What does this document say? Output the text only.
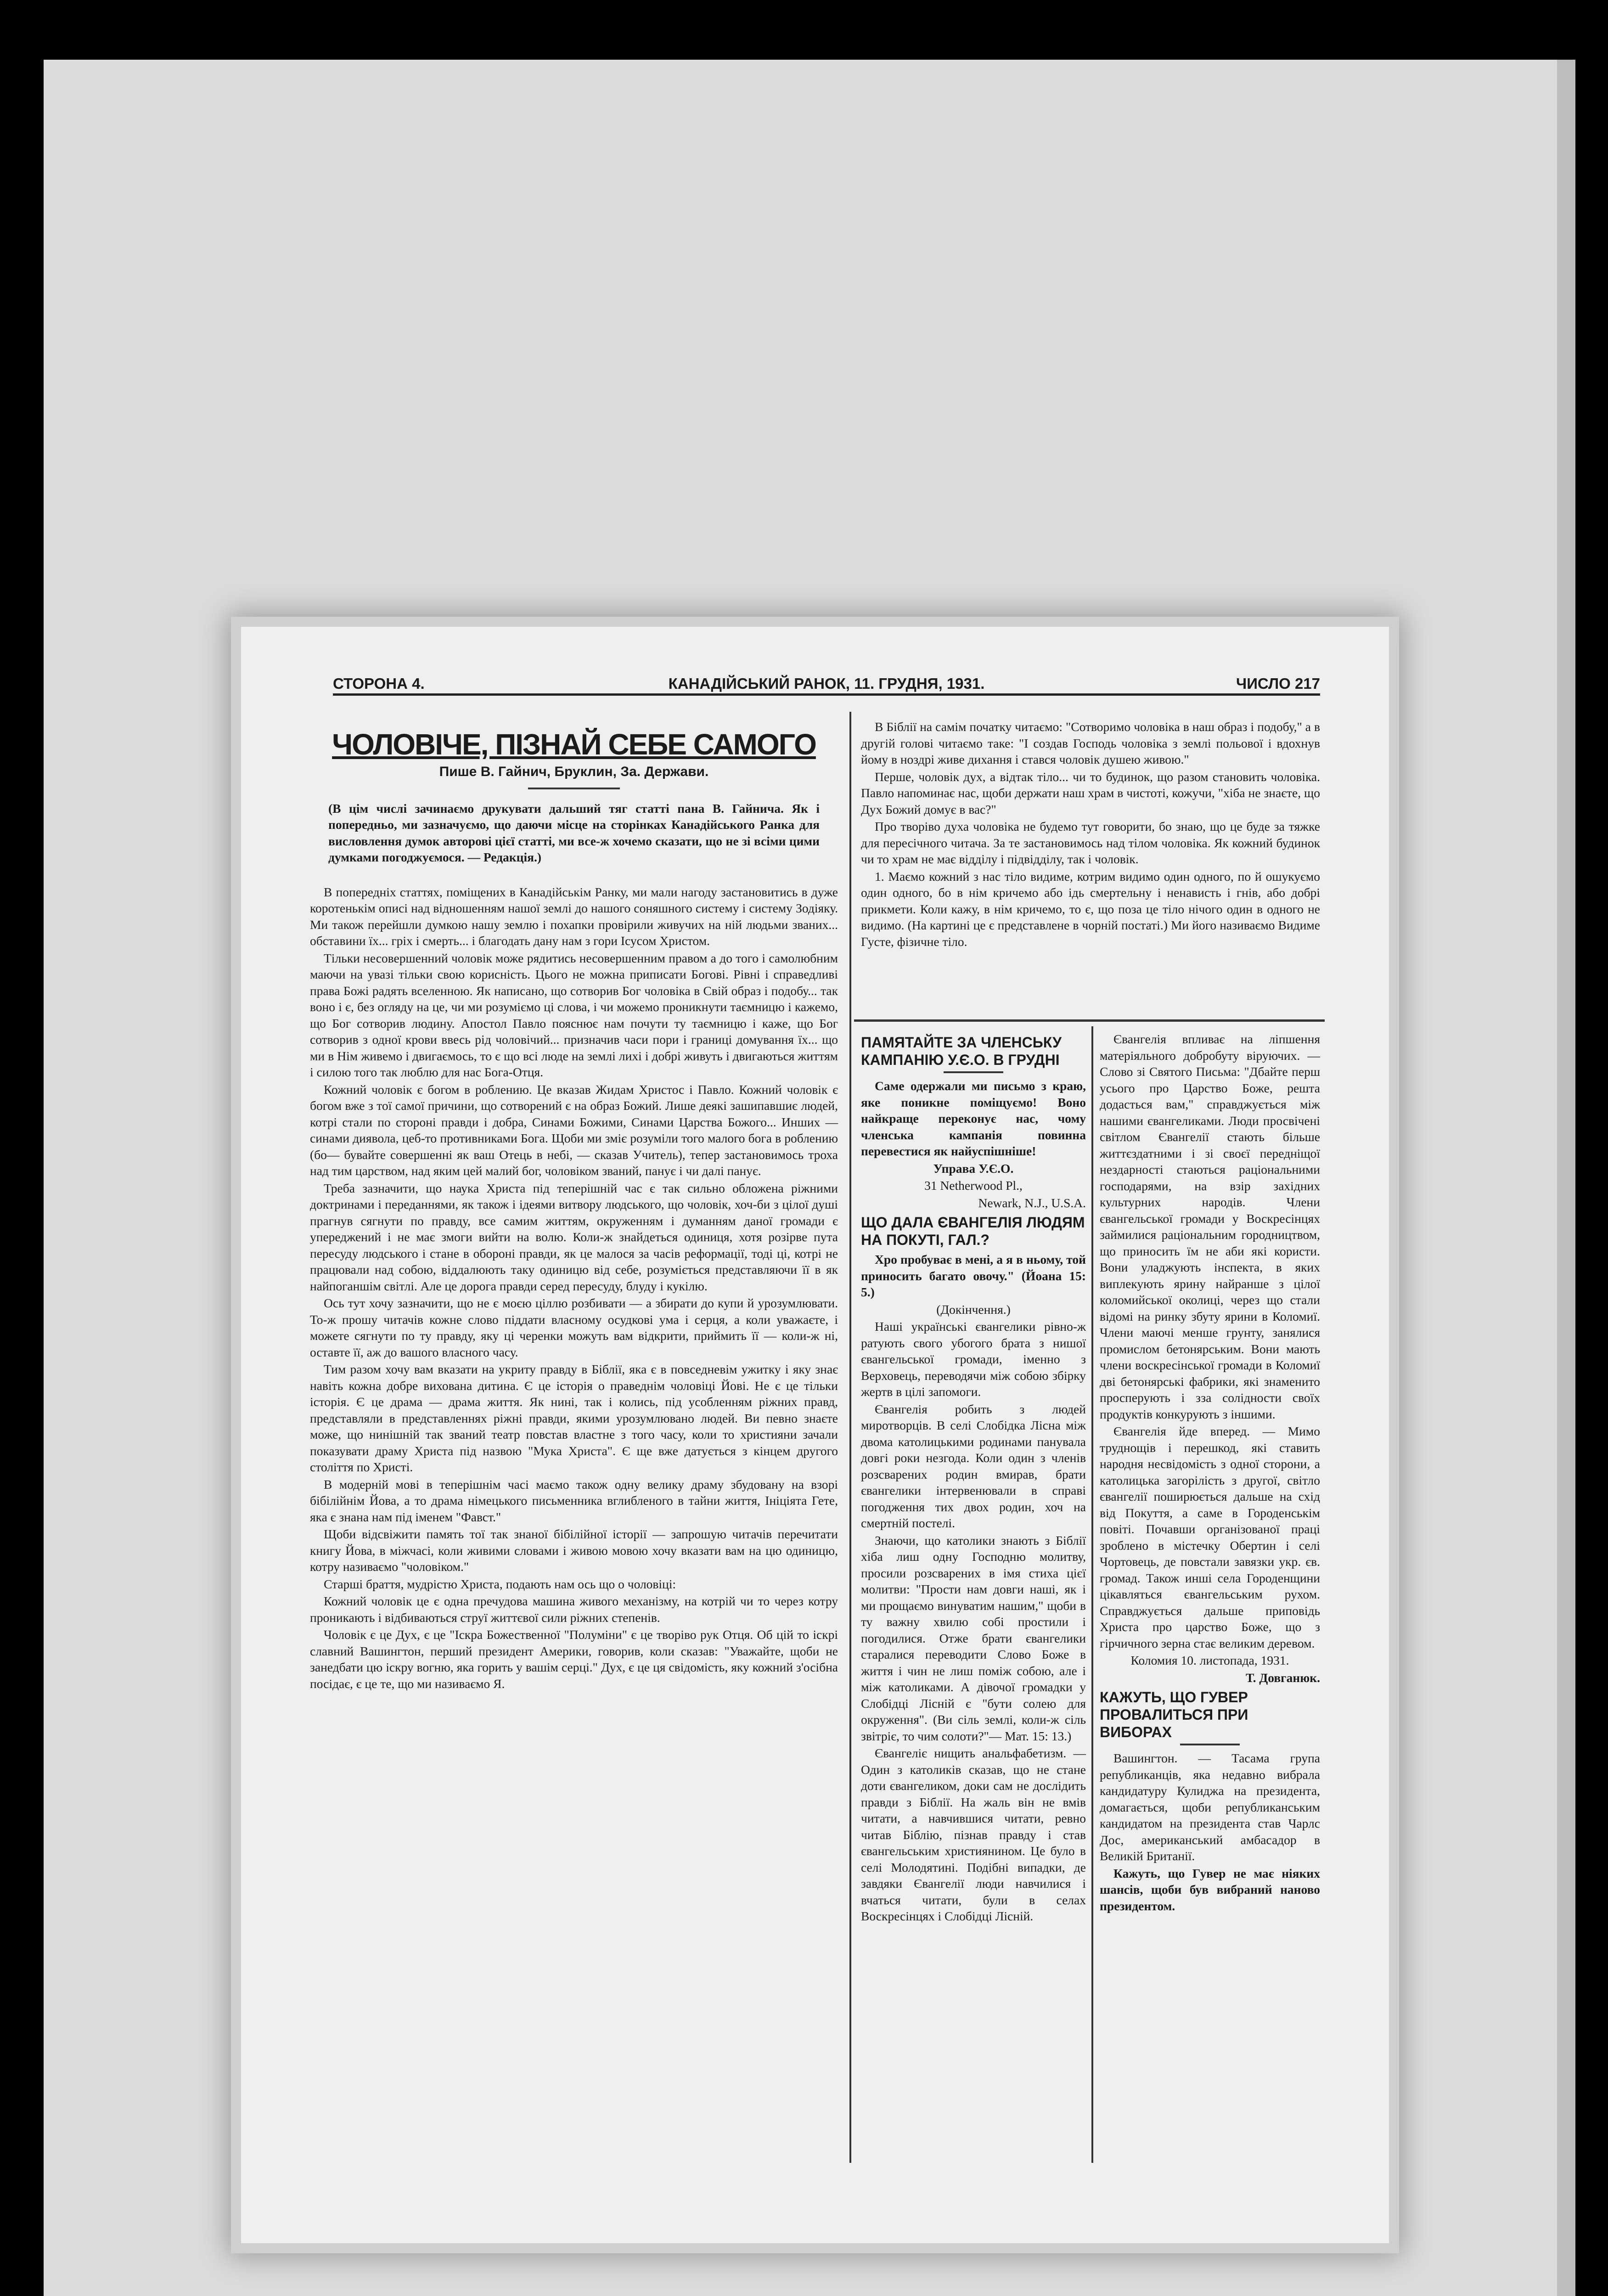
СТОРОНА 4.	КАНАДІЙСЬКИЙ РАНОК, 11. ГРУДНЯ, 1931.	ЧИСЛО 217
ЧОЛОВІЧЕ, ПІЗНАЙ СЕБЕ САМОГО
Пише В. Гайнич, Бруклин, За. Держави.
(В цім числі зачинаємо друкувати дальший тяг статті пана В. Гайнича. Як і попередньо, ми зазначуємо, що даючи місце на сторінках Канадійського Ранка для висловлення думок авторові цієї статті, ми все-ж хочемо сказати, що не зі всіми цими думками погоджуємося. — Редакція.)

В попередніх статтях, поміщених в Канадійськім Ранку, ми мали нагоду застановитись в дуже коротенькім описі над відношенням нашої землі до нашого соняшного систему і систему Зодіяку. Ми також перейшли думкою нашу землю і похапки провірили живучих на ній людьми званих... обставини їх... гріх і смерть... і благодать дану нам з гори Ісусом Христом.

Тільки несовершенний чоловік може рядитись несовершенним правом а до того і самолюбним маючи на увазі тільки свою корисність. Цього не можна приписати Богові. Рівні і справедливі права Божі радять вселенною. Як написано, що сотворив Бог чоловіка в Свій образ і подобу... так воно і є, без огляду на це, чи ми розуміємо ці слова, і чи можемо проникнути таємницю і кажемо, що Бог сотворив людину. Апостол Павло пояснює нам почути ту таємницю і каже, що Бог сотворив з одної крови ввесь рід чоловічий... призначив часи пори і границі домування їх... що ми в Нім живемо і двигаємось, то є що всі люде на землі лихі і добрі живуть і двигаються життям і силою того так люблю для нас Бога-Отця.

Кожний чоловік є богом в роблению. Це вказав Жидам Христос і Павло. Кожний чоловік є богом вже з тої самої причини, що сотворений є на образ Божий. Лише деякі зашипавшиє людей, котрі стали по стороні правди і добра, Синами Божими, Синами Царства Божого... Инших — синами диявола, цеб-то противниками Бога. Щоби ми зміє розуміли того малого бога в роблению (бо— бувайте совершенні як ваш Отець в небі, — сказав Учитель), тепер застановимось троха над тим царством, над яким цей малий бог, чоловіком званий, панує і чи далі панує.

Треба зазначити, що наука Христа під теперішній час є так сильно обложена ріжними доктринами і переданнями, як також і ідеями витвору людського, що чоловік, хоч-би з цілої душі прагнув сягнути по правду, все самим життям, окруженням і думанням даної громади є упереджений і не має змоги вийти на волю. Коли-ж знайдеться одиниця, хотя розірве пута пересуду людського і стане в обороні правди, як це малося за часів реформації, тоді ці, котрі не працювали над собою, віддалюють таку одиницю від себе, розуміється представляючи її в як найпоганшім світлі. Але це дорога правди серед пересуду, блуду і кукілю.

Ось тут хочу зазначити, що не є моєю ціллю розбивати — а збирати до купи й урозумлювати. То-ж прошу читачів кожне слово піддати власному осудкові ума і серця, а коли уважаєте, і можете сягнути по ту правду, яку ці черенки можуть вам відкрити, приймить її — коли-ж ні, оставте її, аж до вашого власного часу.

Тим разом хочу вам вказати на укриту правду в Біблії, яка є в повседневім ужитку і яку знає навіть кожна добре вихована дитина. Є це історія о праведнім чоловіці Йові. Не є це тільки історія. Є це драма — драма життя. Як нині, так і колись, під усобленням ріжних правд, представляли в представленнях ріжні правди, якими урозумлювано людей. Ви певно знаєте може, що нинішній так званий театр повстав властне з того часу, коли то християни зачали показувати драму Христа під назвою "Мука Христа". Є ще вже датується з кінцем другого століття по Христі.

В модерній мові в теперішнім часі маємо також одну велику драму збудовану на взорі бібілійнім Йова, а то драма німецького письменника вглибленого в тайни життя, Ініціята Гете, яка є знана нам під іменем "Фавст."

Щоби відсвіжити память тої так знаної бібілійної історії — запрошую читачів перечитати книгу Йова, в міжчасі, коли живими словами і живою мовою хочу вказати вам на цю одиницю, котру називаємо "чоловіком."

Старші браття, мудрістю Христа, подають нам ось що о чоловіці:

Кожний чоловік це є одна пречудова машина живого механізму, на котрій чи то через котру проникають і відбиваються струї життєвої сили ріжних степенів.

Чоловік є це Дух, є це "Іскра Божественної "Полуміни" є це творіво рук Отця. Об цій то іскрі славний Вашингтон, перший президент Америки, говорив, коли сказав: "Уважайте, щоби не занедбати цю іскру вогню, яка горить у вашім серці." Дух, є це ця свідомість, яку кожний з'осібна посідає, є це те, що ми називаємо Я.

В Біблії на самім початку читаємо: "Сотворимо чоловіка в наш образ і подобу," а в другій голові читаємо таке: "І создав Господь чоловіка з землі польової і вдохнув йому в ноздрі живе дихання і стався чоловік душею живою."

Перше, чоловік дух, а відтак тіло... чи то будинок, що разом становить чоловіка. Павло напоминає нас, щоби держати наш храм в чистоті, кожучи, "хіба не знаєте, що Дух Божий домує в вас?"

Про творіво духа чоловіка не будемо тут говорити, бо знаю, що це буде за тяжке для пересічного читача. За те застановимось над тілом чоловіка. Як кожний будинок чи то храм не має відділу і підвідділу, так і чоловік.

1. Маємо кожний з нас тіло видиме, котрим видимо один одного, по й ошукуємо один одного, бо в нім кричемо або ідь смертельну і ненависть і гнів, або добрі прикмети. Коли кажу, в нім кричемо, то є, що поза це тіло нічого один в одного не видимо. (На картині це є представлене в чорній постаті.) Ми його називаємо Видиме Густе, фізичне тіло.

ПАМЯТАЙТЕ ЗА ЧЛЕНСЬКУ КАМПАНІЮ У.Є.О. В ГРУДНІ

Саме одержали ми письмо з краю, яке поникне поміщуємо! Воно найкраще переконує нас, чому членська кампанія повинна перевестися як найуспішніше!

Управа У.Є.О.

31 Netherwood Pl.,

Newark, N.J., U.S.A.

ЩО ДАЛА ЄВАНГЕЛІЯ ЛЮДЯМ НА ПОКУТІ, ГАЛ.?

Хро пробуває в мені, а я в ньому, той приносить багато овочу." (Йоана 15: 5.)

(Докінчення.)

Наші українські євангелики рівно-ж ратують свого убогого брата з нишої євангельської громади, іменно з Верховець, переводячи між собою збірку жертв в цілі запомоги.

Євангелія робить з людей миротворців. В селі Слобідка Лісна між двома католицькими родинами панувала довгі роки незгода. Коли один з членів розсварених родин вмирав, брати євангелики інтервенювали в справі погодження тих двох родин, хоч на смертній постелі.

Знаючи, що католики знають з Біблії хіба лиш одну Господню молитву, просили розсварених в імя стиха цієї молитви: "Прости нам довги наші, як і ми прощаємо винуватим нашим," щоби в ту важну хвилю собі простили і погодилися. Отже брати євангелики старалися переводити Слово Боже в життя і чин не лиш поміж собою, але і між католиками. А дівочої громадки у Слобідці Лісній є "бути солею для окруження". (Ви сіль землі, коли-ж сіль звітріє, то чим солоти?"— Мат. 15: 13.)

Євангеліє нищить анальфабетизм. — Один з католиків сказав, що не стане доти євангеликом, доки сам не дослідить правди з Біблії. На жаль він не вмів читати, а навчившися читати, ревно читав Біблію, пізнав правду і став євангельським християнином. Це було в селі Молодятині. Подібні випадки, де завдяки Євангелії люди навчилися і вчаться читати, були в селах Воскресінцях і Слобідці Лісній.

Євангелія впливає на ліпшення матеріяльного добробуту віруючих. — Слово зі Святого Письма: "Дбайте перш усього про Царство Боже, решта додасться вам," справджується між нашими євангеликами. Люди просвічені світлом Євангелії стають більше життєздатними і зі своєї передніщої нездарності стаються раціональними господарями, на взір західних культурних народів. Члени євангельської громади у Воскресінцях займилися раціональним городництвом, що приносить їм не аби які користи. Вони уладжують інспекта, в яких виплекують ярину найранше з цілої коломийської околиці, через що стали відомі на ринку збуту ярини в Коломиї. Члени маючі менше грунту, занялися промислом бетонярським. Вони мають члени воскресінської громади в Коломиї дві бетонярські фабрики, які знаменито просперують і зза солідности своїх продуктів конкурують з іншими.

Євангелія йде вперед. — Мимо труднощів і перешкод, які ставить народня несвідомість з одної сторони, а католицька загорілість з другої, світло євангелії поширюється дальше на схід від Покуття, а саме в Городенськім повіті. Почавши організованої праці зроблено в містечку Обертин і селі Чортовець, де повстали завязки укр. єв. громад. Також инші села Городенщини цікавляться євангельським рухом. Справджується дальше приповідь Христа про царство Боже, що з гірчичного зерна стає великим деревом.

Коломия 10. листопада, 1931.

Т. Довганюк.

КАЖУТЬ, ЩО ГУВЕР ПРОВАЛИТЬСЯ ПРИ ВИБОРАХ

Вашингтон. — Тасама група републиканців, яка недавно вибрала кандидатуру Кулиджа на президента, домагається, щоби републиканським кандидатом на президента став Чарлс Дос, американський амбасадор в Великій Британії.

Кажуть, що Гувер не має ніяких шансів, щоби був вибраний наново президентом.
